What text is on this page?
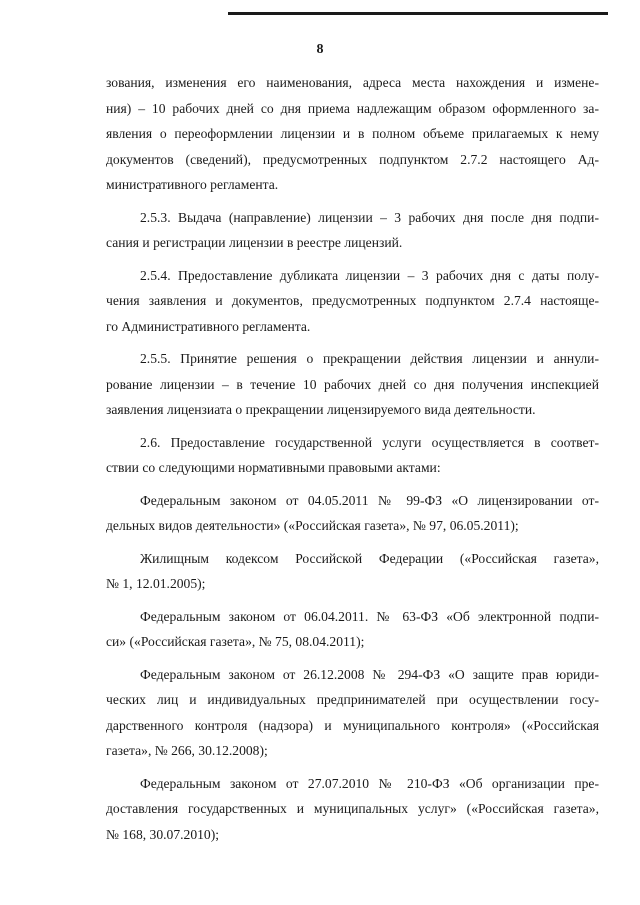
8
зования, изменения его наименования, адреса места нахождения и измене-
ния) – 10 рабочих дней со дня приема надлежащим образом оформленного за-
явления о переоформлении лицензии и в полном объеме прилагаемых к нему
документов (сведений), предусмотренных подпунктом 2.7.2 настоящего Ад-
министративного регламента.
2.5.3. Выдача (направление) лицензии – 3 рабочих дня после дня подпи-
сания и регистрации лицензии в реестре лицензий.
2.5.4. Предоставление дубликата лицензии – 3 рабочих дня с даты полу-
чения заявления и документов, предусмотренных подпунктом 2.7.4 настояще-
го Административного регламента.
2.5.5. Принятие решения о прекращении действия лицензии и аннули-
рование лицензии – в течение 10 рабочих дней со дня получения инспекцией
заявления лицензиата о прекращении лицензируемого вида деятельности.
2.6. Предоставление государственной услуги осуществляется в соответ-
ствии со следующими нормативными правовыми актами:
Федеральным законом от 04.05.2011 № 99-ФЗ «О лицензировании от-
дельных видов деятельности» («Российская газета», № 97, 06.05.2011);
Жилищным кодексом Российской Федерации («Российская газета»,
№ 1, 12.01.2005);
Федеральным законом от 06.04.2011. № 63-ФЗ «Об электронной подпи-
си» («Российская газета», № 75, 08.04.2011);
Федеральным законом от 26.12.2008 № 294-ФЗ «О защите прав юриди-
ческих лиц и индивидуальных предпринимателей при осуществлении госу-
дарственного контроля (надзора) и муниципального контроля» («Российская
газета», № 266, 30.12.2008);
Федеральным законом от 27.07.2010 № 210-ФЗ «Об организации пре-
доставления государственных и муниципальных услуг» («Российская газета»,
№ 168, 30.07.2010);
